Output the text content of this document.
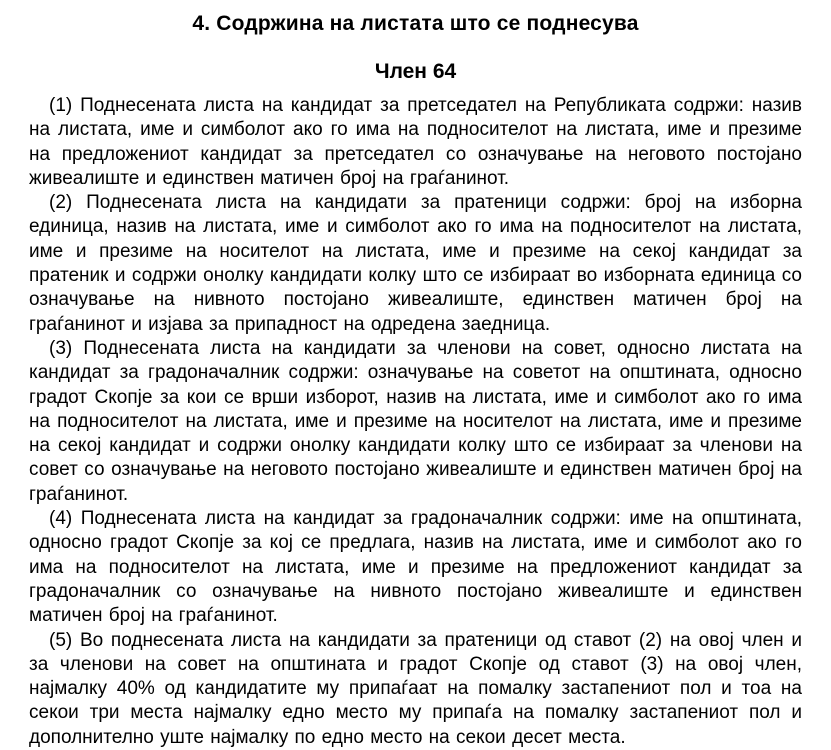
4. Содржина на листата што се поднесува
Член 64

(1) Поднесената листа на кандидат за претседател на Републиката содржи: назив на листата, име и симболот ако го има на подносителот на листата, име и презиме на предложениот кандидат за претседател со означување на неговото постојано живеалиште и единствен матичен број на граѓанинот.

(2) Поднесената листа на кандидати за пратеници содржи: број на изборна единица, назив на листата, име и симболот ако го има на подносителот на листата, име и презиме на носителот на листата, име и презиме на секој кандидат за пратеник и содржи онолку кандидати колку што се избираат во изборната единица со означување на нивното постојано живеалиште, единствен матичен број на граѓанинот и изјава за припадност на одредена заедница.

(3) Поднесената листа на кандидати за членови на совет, односно листата на кандидат за градоначалник содржи: означување на советот на општината, односно градот Скопје за кои се врши изборот, назив на листата, име и симболот ако го има на подносителот на листата, име и презиме на носителот на листата, име и презиме на секој кандидат и содржи онолку кандидати колку што се избираат за членови на совет со означување на неговото постојано живеалиште и единствен матичен број на граѓанинот.

(4) Поднесената листа на кандидат за градоначалник содржи: име на општината, односно градот Скопје за кој се предлага, назив на листата, име и симболот ако го има на подносителот на листата, име и презиме на предложениот кандидат за градоначалник со означување на нивното постојано живеалиште и единствен матичен број на граѓанинот.

(5) Во поднесената листа на кандидати за пратеници од ставот (2) на овој член и за членови на совет на општината и градот Скопје од ставот (3) на овој член, најмалку 40% од кандидатите му припаѓаат на помалку застапениот пол и тоа на секои три места најмалку едно место му припаѓа на помалку застапениот пол и дополнително уште најмалку по едно место на секои десет места.
